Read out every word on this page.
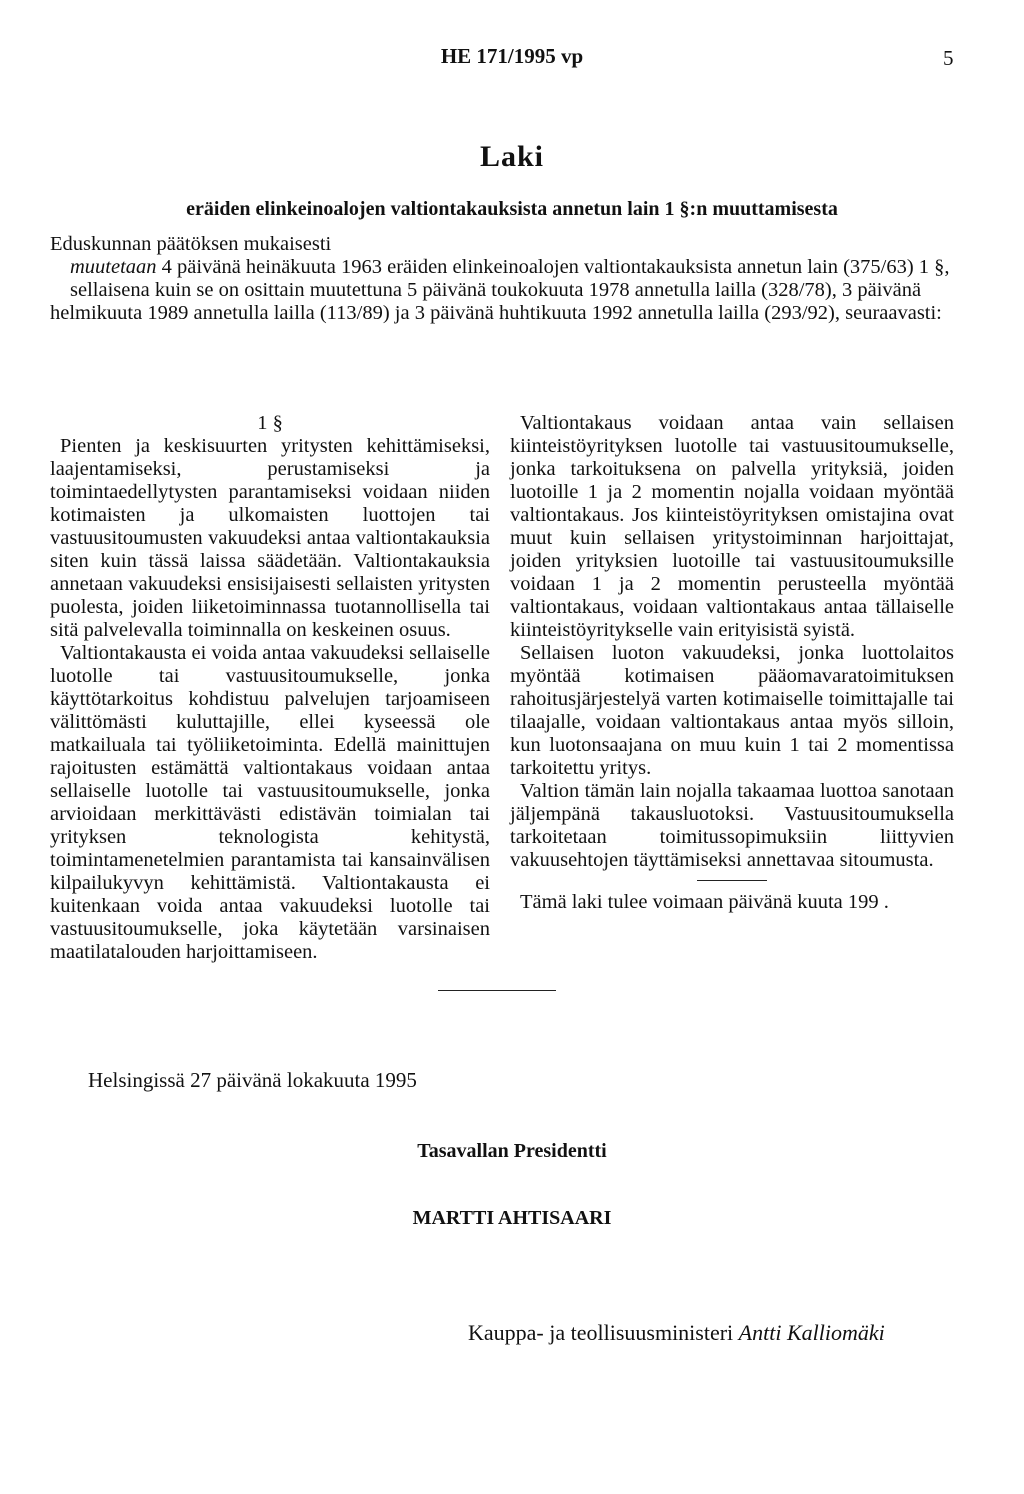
HE 171/1995 vp	5
Laki
eräiden elinkeinoalojen valtiontakauksista annetun lain 1 §:n muuttamisesta

Eduskunnan päätöksen mukaisesti

muutetaan 4 päivänä heinäkuuta 1963 eräiden elinkeinoalojen valtiontakauksista annetun lain (375/63) 1 §,

sellaisena kuin se on osittain muutettuna 5 päivänä toukokuuta 1978 annetulla lailla (328/78), 3 päivänä helmikuuta 1989 annetulla lailla (113/89) ja 3 päivänä huhtikuuta 1992 annetulla lailla (293/92), seuraavasti:

1 §

Pienten ja keskisuurten yritysten kehittämiseksi, laajentamiseksi, perustamiseksi ja toimintaedellytysten parantamiseksi voidaan niiden kotimaisten ja ulkomaisten luottojen tai vastuusitoumusten vakuudeksi antaa valtiontakauksia siten kuin tässä laissa säädetään. Valtiontakauksia annetaan vakuudeksi ensisijaisesti sellaisten yritysten puolesta, joiden liiketoiminnassa tuotannollisella tai sitä palvelevalla toiminnalla on keskeinen osuus.

Valtiontakausta ei voida antaa vakuudeksi sellaiselle luotolle tai vastuusitoumukselle, jonka käyttötarkoitus kohdistuu palvelujen tarjoamiseen välittömästi kuluttajille, ellei kyseessä ole matkailuala tai työliiketoiminta. Edellä mainittujen rajoitusten estämättä valtiontakaus voidaan antaa sellaiselle luotolle tai vastuusitoumukselle, jonka arvioidaan merkittävästi edistävän toimialan tai yrityksen teknologista kehitystä, toimintamenetelmien parantamista tai kansainvälisen kilpailukyvyn kehittämistä. Valtiontakausta ei kuitenkaan voida antaa vakuudeksi luotolle tai vastuusitoumukselle, joka käytetään varsinaisen maatilatalouden harjoittamiseen.

Valtiontakaus voidaan antaa vain sellaisen kiinteistöyrityksen luotolle tai vastuusitoumukselle, jonka tarkoituksena on palvella yrityksiä, joiden luotoille 1 ja 2 momentin nojalla voidaan myöntää valtiontakaus. Jos kiinteistöyrityksen omistajina ovat muut kuin sellaisen yritystoiminnan harjoittajat, joiden yrityksien luotoille tai vastuusitoumuksille voidaan 1 ja 2 momentin perusteella myöntää valtiontakaus, voidaan valtiontakaus antaa tällaiselle kiinteistöyritykselle vain erityisistä syistä.

Sellaisen luoton vakuudeksi, jonka luottolaitos myöntää kotimaisen pääomavaratoimituksen rahoitusjärjestelyä varten kotimaiselle toimittajalle tai tilaajalle, voidaan valtiontakaus antaa myös silloin, kun luotonsaajana on muu kuin 1 tai 2 momentissa tarkoitettu yritys.

Valtion tämän lain nojalla takaamaa luottoa sanotaan jäljempänä takausluotoksi. Vastuusitoumuksella tarkoitetaan toimitussopimuksiin liittyvien vakuusehtojen täyttämiseksi annettavaa sitoumusta.

Tämä laki tulee voimaan päivänä kuuta 199 .

Helsingissä 27 päivänä lokakuuta 1995
Tasavallan Presidentti
MARTTI AHTISAARI
Kauppa- ja teollisuusministeri Antti Kalliomäki
